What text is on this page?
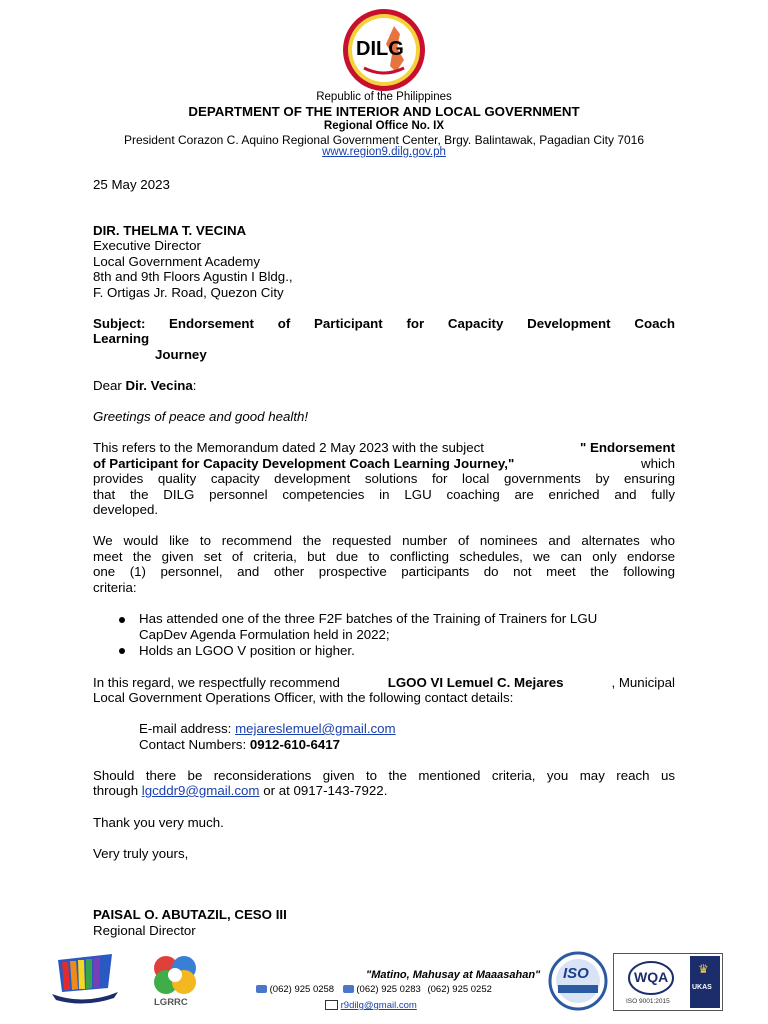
DILG
Republic of the Philippines
DEPARTMENT OF THE INTERIOR AND LOCAL GOVERNMENT
Regional Office No. IX
President Corazon C. Aquino Regional Government Center, Brgy. Balintawak, Pagadian City 7016
www.region9.dilg.gov.ph
25 May 2023
DIR. THELMA T. VECINA
Executive Director
Local Government Academy
8th and 9th Floors Agustin I Bldg.,
F. Ortigas Jr. Road, Quezon City
Subject:	Endorsement of Participant for Capacity Development Coach
Learning
Journey
Dear Dir. Vecina:
Greetings of peace and good health!
This refers to the Memorandum dated 2 May 2023 with the subject	" Endorsement
of Participant for Capacity Development Coach Learning Journey,"	which
provides quality capacity development solutions for local governments by ensuring
that the DILG personnel competencies in LGU coaching are enriched and fully
developed.
We would like to recommend the requested number of nominees and alternates who
meet the given set of criteria, but due to conflicting schedules, we can only endorse
one (1) personnel, and other prospective participants do not meet the following
criteria:
Has attended one of the three F2F batches of the Training of Trainers for LGU
CapDev Agenda Formulation held in 2022;
Holds an LGOO V position or higher.
In this regard, we respectfully recommend	LGOO VI Lemuel C. Mejares	, Municipal
Local Government Operations Officer, with the following contact details:
E-mail address: mejareslemuel@gmail.com
Contact Numbers: 0912-610-6417
Should there be reconsiderations given to the mentioned criteria, you may reach us
through lgcddr9@gmail.com or at 0917-143-7922.
Thank you very much.
Very truly yours,
PAISAL O. ABUTAZIL, CESO III
Regional Director
LGRRC
"Matino, Mahusay at Maaasahan"
(062) 925 0258 (062) 925 0283 (062) 925 0252
r9dilg@gmail.com
ISO	WQA ♛
UKAS
ISO 9001:2015
